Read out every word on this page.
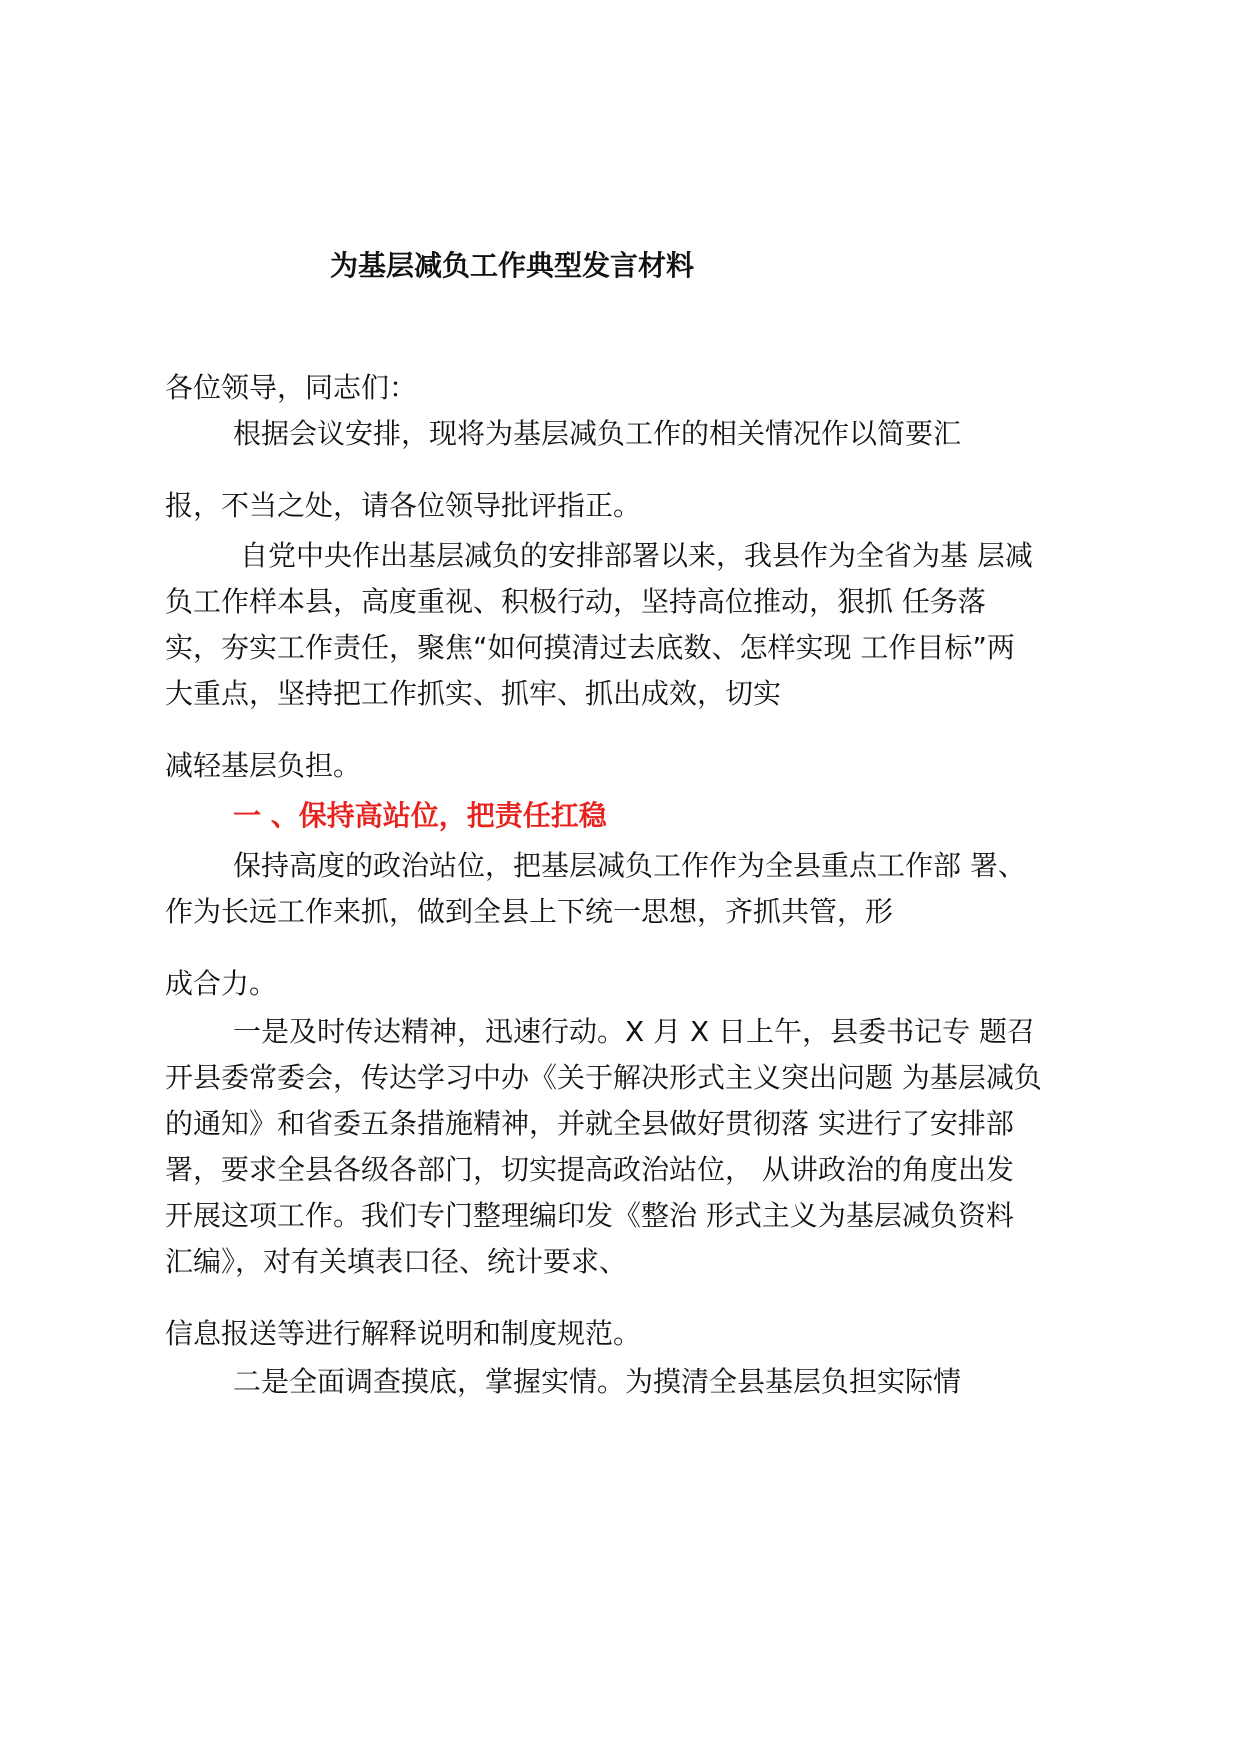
为基层减负工作典型发言材料
各位领导，同志们：
根据会议安排，现将为基层减负工作的相关情况作以简要汇
报，不当之处，请各位领导批评指正。
自党中央作出基层减负的安排部署以来，我县作为全省为基 层减
负工作样本县，高度重视、积极行动，坚持高位推动，狠抓 任务落
实，夯实工作责任，聚焦“如何摸清过去底数、怎样实现 工作目标”两
大重点，坚持把工作抓实、抓牢、抓出成效，切实
减轻基层负担。
一 、保持高站位，把责任扛稳
保持高度的政治站位，把基层减负工作作为全县重点工作部 署、
作为长远工作来抓，做到全县上下统一思想，齐抓共管，形
成合力。
一是及时传达精神，迅速行动。X 月 X 日上午，县委书记专 题召
开县委常委会，传达学习中办《关于解决形式主义突出问题 为基层减负
的通知》和省委五条措施精神，并就全县做好贯彻落 实进行了安排部
署，要求全县各级各部门，切实提高政治站位， 从讲政治的角度出发
开展这项工作。我们专门整理编印发《整治 形式主义为基层减负资料
汇编》，对有关填表口径、统计要求、
信息报送等进行解释说明和制度规范。
二是全面调查摸底，掌握实情。为摸清全县基层负担实际情
